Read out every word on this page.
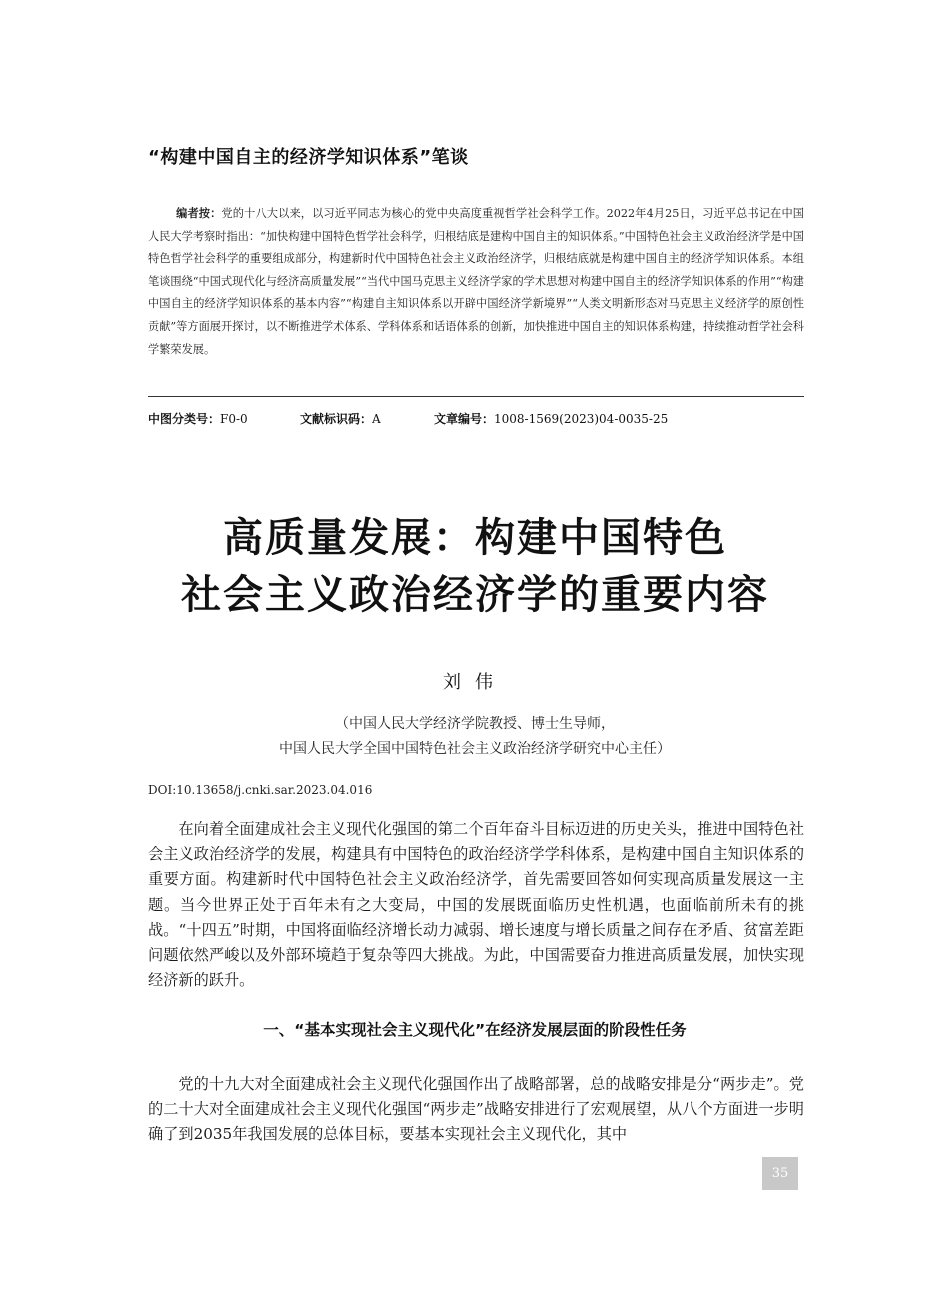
“构建中国自主的经济学知识体系”笔谈
编者按：党的十八大以来，以习近平同志为核心的党中央高度重视哲学社会科学工作。2022年4月25日，习近平总书记在中国人民大学考察时指出：“加快构建中国特色哲学社会科学，归根结底是建构中国自主的知识体系。”中国特色社会主义政治经济学是中国特色哲学社会科学的重要组成部分，构建新时代中国特色社会主义政治经济学，归根结底就是构建中国自主的经济学知识体系。本组笔谈围绕“中国式现代化与经济高质量发展”“当代中国马克思主义经济学家的学术思想对构建中国自主的经济学知识体系的作用”“构建中国自主的经济学知识体系的基本内容”“构建自主知识体系以开辟中国经济学新境界”“人类文明新形态对马克思主义经济学的原创性贡献”等方面展开探讨，以不断推进学术体系、学科体系和话语体系的创新，加快推进中国自主的知识体系构建，持续推动哲学社会科学繁荣发展。
中图分类号：F0-0	文献标识码：A	文章编号：1008-1569(2023)04-0035-25
高质量发展：构建中国特色
社会主义政治经济学的重要内容
刘伟
（中国人民大学经济学院教授、博士生导师，
中国人民大学全国中国特色社会主义政治经济学研究中心主任）
DOI:10.13658/j.cnki.sar.2023.04.016
在向着全面建成社会主义现代化强国的第二个百年奋斗目标迈进的历史关头，推进中国特色社会主义政治经济学的发展，构建具有中国特色的政治经济学学科体系，是构建中国自主知识体系的重要方面。构建新时代中国特色社会主义政治经济学，首先需要回答如何实现高质量发展这一主题。当今世界正处于百年未有之大变局，中国的发展既面临历史性机遇，也面临前所未有的挑战。“十四五”时期，中国将面临经济增长动力减弱、增长速度与增长质量之间存在矛盾、贫富差距问题依然严峻以及外部环境趋于复杂等四大挑战。为此，中国需要奋力推进高质量发展，加快实现经济新的跃升。
一、“基本实现社会主义现代化”在经济发展层面的阶段性任务
党的十九大对全面建成社会主义现代化强国作出了战略部署，总的战略安排是分“两步走”。党的二十大对全面建成社会主义现代化强国“两步走”战略安排进行了宏观展望，从八个方面进一步明确了到2035年我国发展的总体目标，要基本实现社会主义现代化，其中
35
